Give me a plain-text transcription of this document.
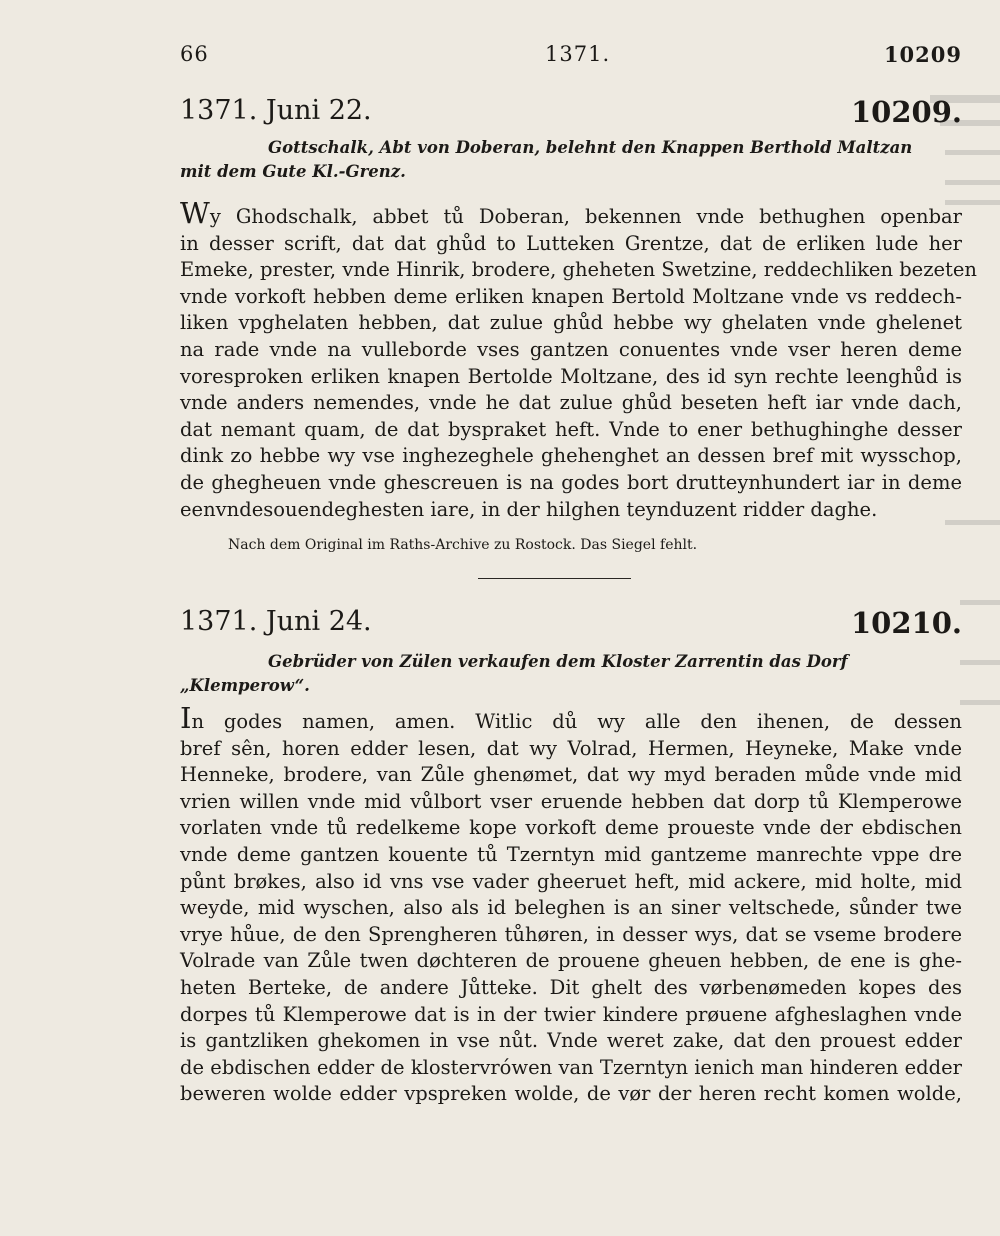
66	1371.	10209
1371. Juni 22.	10209.
Gottschalk, Abt von Doberan, belehnt den Knappen Berthold Maltzan
mit dem Gute Kl.-Grenz.
Wy Ghodschalk, abbet tů Doberan, bekennen vnde bethughen openbar
in desser scrift, dat dat ghůd to Lutteken Grentze, dat de erliken lude her
Emeke, prester, vnde Hinrik, brodere, gheheten Swetzine, reddechliken bezeten
vnde vorkoft hebben deme erliken knapen Bertold Moltzane vnde vs reddech-
liken vpghelaten hebben, dat zulue ghůd hebbe wy ghelaten vnde ghelenet
na rade vnde na vulleborde vses gantzen conuentes vnde vser heren deme
voresproken erliken knapen Bertolde Moltzane, des id syn rechte leenghůd is
vnde anders nemendes, vnde he dat zulue ghůd beseten heft iar vnde dach,
dat nemant quam, de dat byspraket heft. Vnde to ener bethughinghe desser
dink zo hebbe wy vse inghezeghele ghehenghet an dessen bref mit wysschop,
de ghegheuen vnde ghescreuen is na godes bort drutteynhundert iar in deme
eenvndesouendeghesten iare, in der hilghen teynduzent ridder daghe.
Nach dem Original im Raths-Archive zu Rostock. Das Siegel fehlt.
1371. Juni 24.	10210.
Gebrüder von Zülen verkaufen dem Kloster Zarrentin das Dorf
„Klemperow“.
In godes namen, amen. Witlic dů wy alle den ihenen, de dessen
bref sên, horen edder lesen, dat wy Volrad, Hermen, Heyneke, Make vnde
Henneke, brodere, van Zůle ghenømet, dat wy myd beraden můde vnde mid
vrien willen vnde mid vůlbort vser eruende hebben dat dorp tů Klemperowe
vorlaten vnde tů redelkeme kope vorkoft deme proueste vnde der ebdischen
vnde deme gantzen kouente tů Tzerntyn mid gantzeme manrechte vppe dre
půnt brøkes, also id vns vse vader gheeruet heft, mid ackere, mid holte, mid
weyde, mid wyschen, also als id beleghen is an siner veltschede, sůnder twe
vrye hůue, de den Sprengheren tůhøren, in desser wys, dat se vseme brodere
Volrade van Zůle twen døchteren de prouene gheuen hebben, de ene is ghe-
heten Berteke, de andere Jůtteke. Dit ghelt des vørbenømeden kopes des
dorpes tů Klemperowe dat is in der twier kindere prøuene afgheslaghen vnde
is gantzliken ghekomen in vse nůt. Vnde weret zake, dat den prouest edder
de ebdischen edder de klostervrówen van Tzerntyn ienich man hinderen edder
beweren wolde edder vpspreken wolde, de vør der heren recht komen wolde,
